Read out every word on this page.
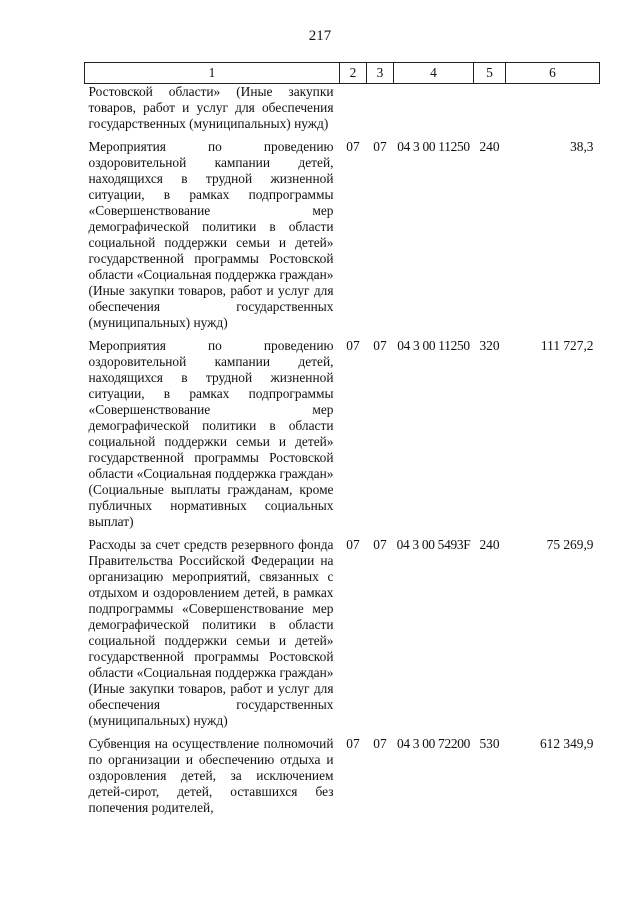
217
1	2	3	4	5	6
Ростовской области» (Иные закупки товаров, работ и услуг для обеспечения государственных (муниципальных) нужд)					
Мероприятия по проведению оздоровительной кампании детей, находящихся в трудной жизненной ситуации, в рамках подпрограммы «Совершенствование мер демографической политики в области социальной поддержки семьи и детей» государственной программы Ростовской области «Социальная поддержка граждан» (Иные закупки товаров, работ и услуг для обеспечения государственных (муниципальных) нужд)	07	07	04 3 00 11250	240	38,3
Мероприятия по проведению оздоровительной кампании детей, находящихся в трудной жизненной ситуации, в рамках подпрограммы «Совершенствование мер демографической политики в области социальной поддержки семьи и детей» государственной программы Ростовской области «Социальная поддержка граждан» (Социальные выплаты гражданам, кроме публичных нормативных социальных выплат)	07	07	04 3 00 11250	320	111 727,2
Расходы за счет средств резервного фонда Правительства Российской Федерации на организацию мероприятий, связанных с отдыхом и оздоровлением детей, в рамках подпрограммы «Совершенствование мер демографической политики в области социальной поддержки семьи и детей» государственной программы Ростовской области «Социальная поддержка граждан» (Иные закупки товаров, работ и услуг для обеспечения государственных (муниципальных) нужд)	07	07	04 3 00 5493F	240	75 269,9
Субвенция на осуществление полномочий по организации и обеспечению отдыха и оздоровления детей, за исключением детей-сирот, детей, оставшихся без попечения родителей,	07	07	04 3 00 72200	530	612 349,9
